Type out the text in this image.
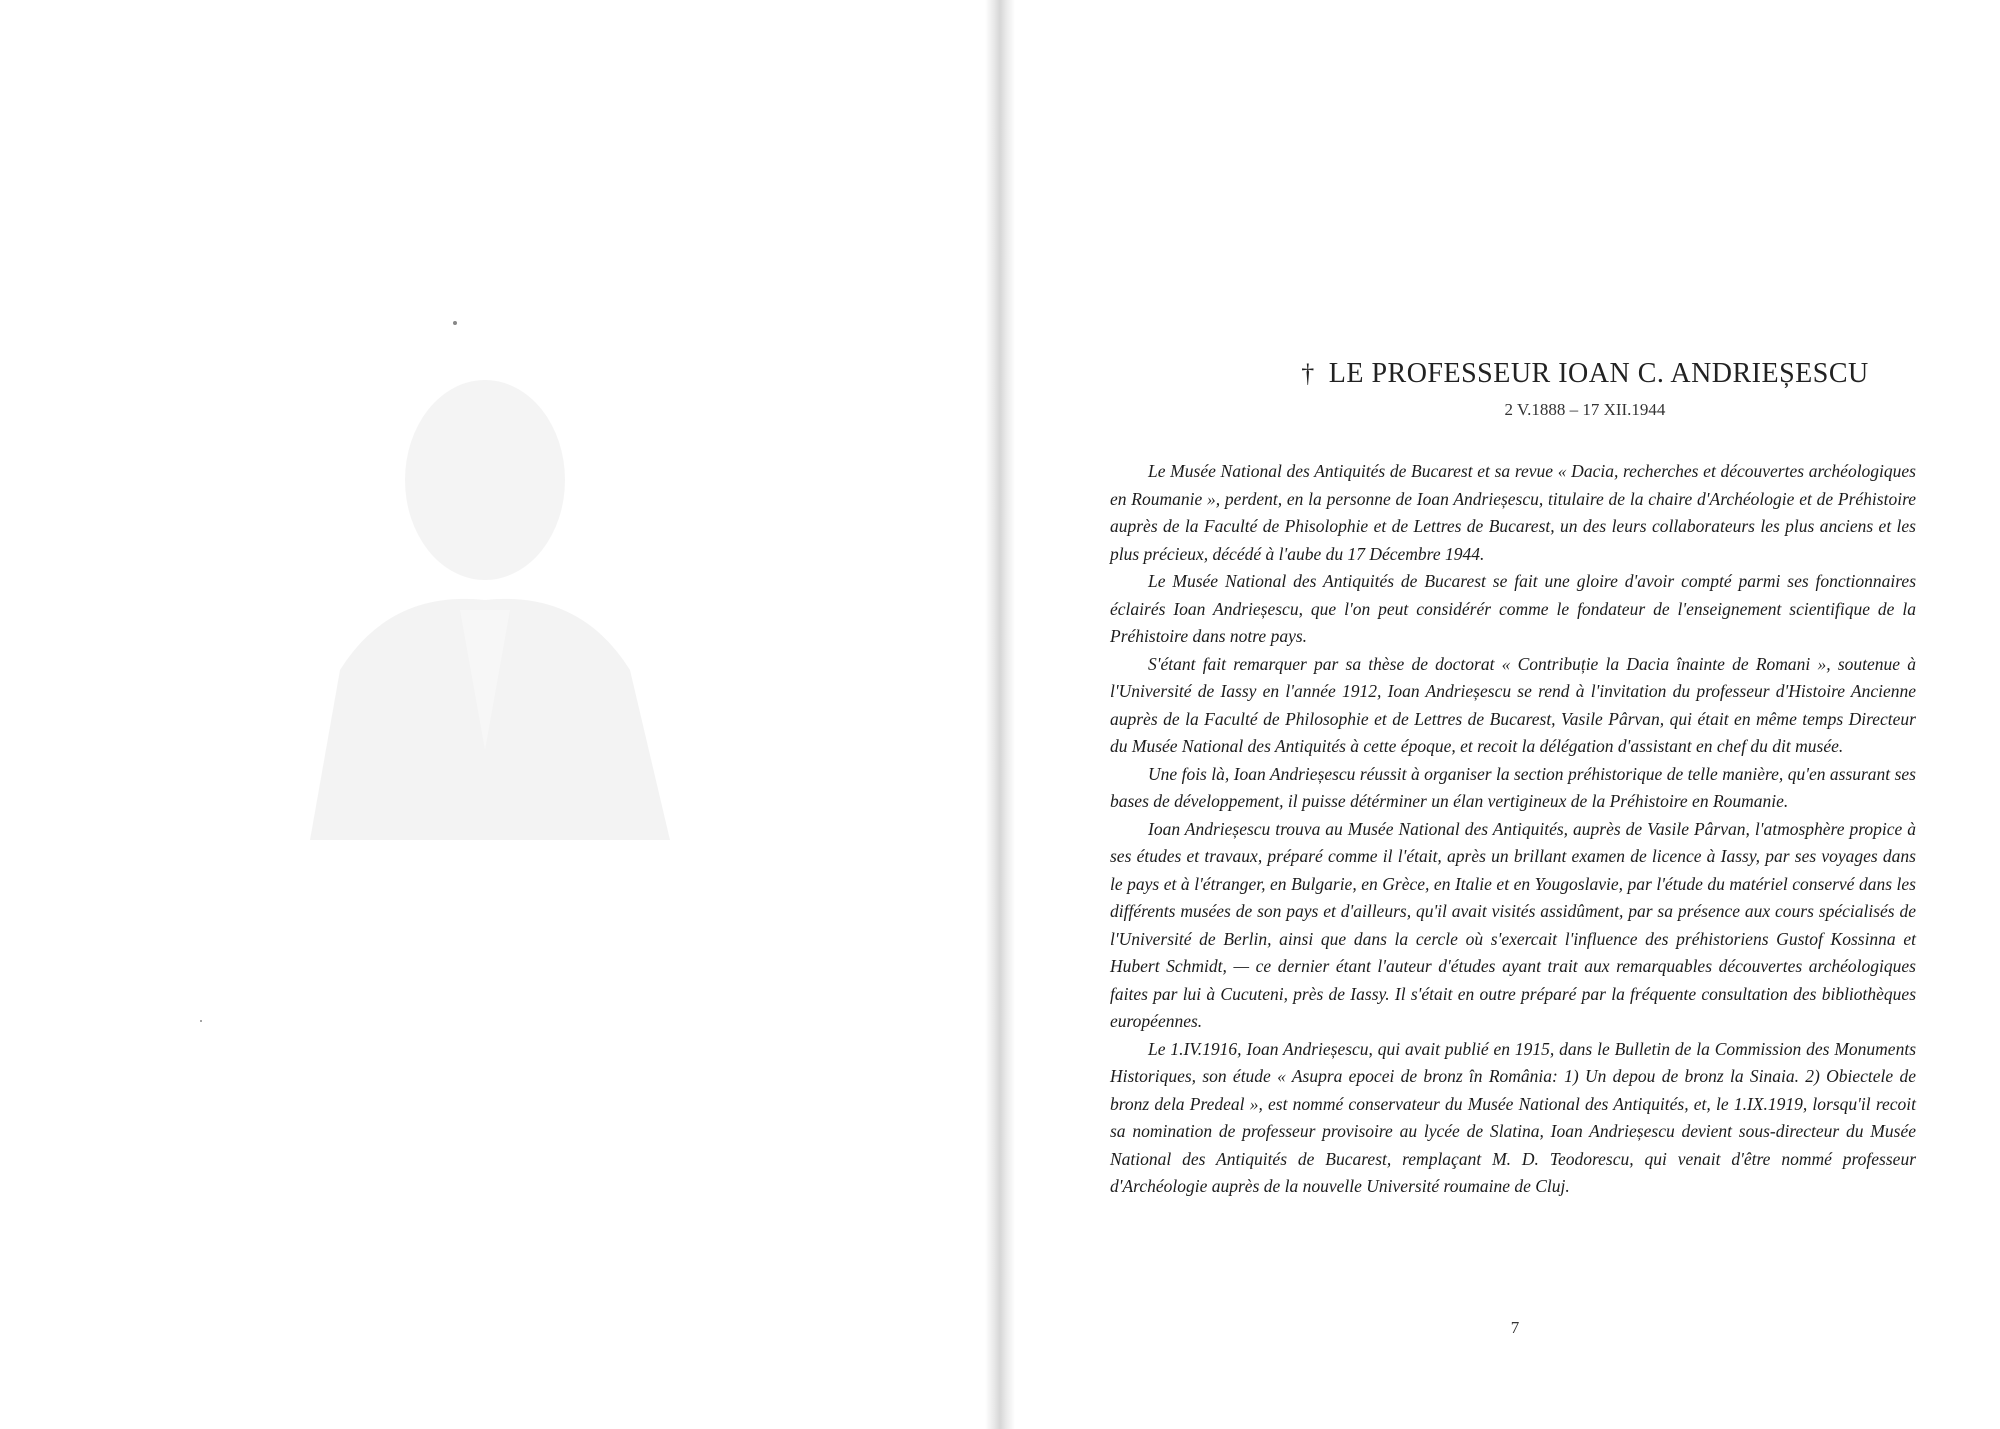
† LE PROFESSEUR IOAN C. ANDRIEȘESCU
2 V.1888 – 17 XII.1944

Le Musée National des Antiquités de Bucarest et sa revue « Dacia, recherches et découvertes archéologiques en Roumanie », perdent, en la personne de Ioan Andrieșescu, titulaire de la chaire d'Archéologie et de Préhistoire auprès de la Faculté de Phisolophie et de Lettres de Bucarest, un des leurs collaborateurs les plus anciens et les plus précieux, décédé à l'aube du 17 Décembre 1944.

Le Musée National des Antiquités de Bucarest se fait une gloire d'avoir compté parmi ses fonctionnaires éclairés Ioan Andrieșescu, que l'on peut considérér comme le fondateur de l'enseignement scientifique de la Préhistoire dans notre pays.

S'étant fait remarquer par sa thèse de doctorat « Contribuție la Dacia înainte de Romani », soutenue à l'Université de Iassy en l'année 1912, Ioan Andrieșescu se rend à l'invitation du professeur d'Histoire Ancienne auprès de la Faculté de Philosophie et de Lettres de Bucarest, Vasile Pârvan, qui était en même temps Directeur du Musée National des Antiquités à cette époque, et recoit la délégation d'assistant en chef du dit musée.

Une fois là, Ioan Andrieșescu réussit à organiser la section préhistorique de telle manière, qu'en assurant ses bases de développement, il puisse détérminer un élan vertigineux de la Préhistoire en Roumanie.

Ioan Andrieșescu trouva au Musée National des Antiquités, auprès de Vasile Pârvan, l'atmosphère propice à ses études et travaux, préparé comme il l'était, après un brillant examen de licence à Iassy, par ses voyages dans le pays et à l'étranger, en Bulgarie, en Grèce, en Italie et en Yougoslavie, par l'étude du matériel conservé dans les différents musées de son pays et d'ailleurs, qu'il avait visités assidûment, par sa présence aux cours spécialisés de l'Université de Berlin, ainsi que dans la cercle où s'exercait l'influence des préhistoriens Gustof Kossinna et Hubert Schmidt, — ce dernier étant l'auteur d'études ayant trait aux remarquables découvertes archéologiques faites par lui à Cucuteni, près de Iassy. Il s'était en outre préparé par la fréquente consultation des bibliothèques européennes.

Le 1.IV.1916, Ioan Andrieșescu, qui avait publié en 1915, dans le Bulletin de la Commission des Monuments Historiques, son étude « Asupra epocei de bronz în România: 1) Un depou de bronz la Sinaia. 2) Obiectele de bronz dela Predeal », est nommé conservateur du Musée National des Antiquités, et, le 1.IX.1919, lorsqu'il recoit sa nomination de professeur provisoire au lycée de Slatina, Ioan Andrieșescu devient sous-directeur du Musée National des Antiquités de Bucarest, remplaçant M. D. Teodorescu, qui venait d'être nommé professeur d'Archéologie auprès de la nouvelle Université roumaine de Cluj.

7
